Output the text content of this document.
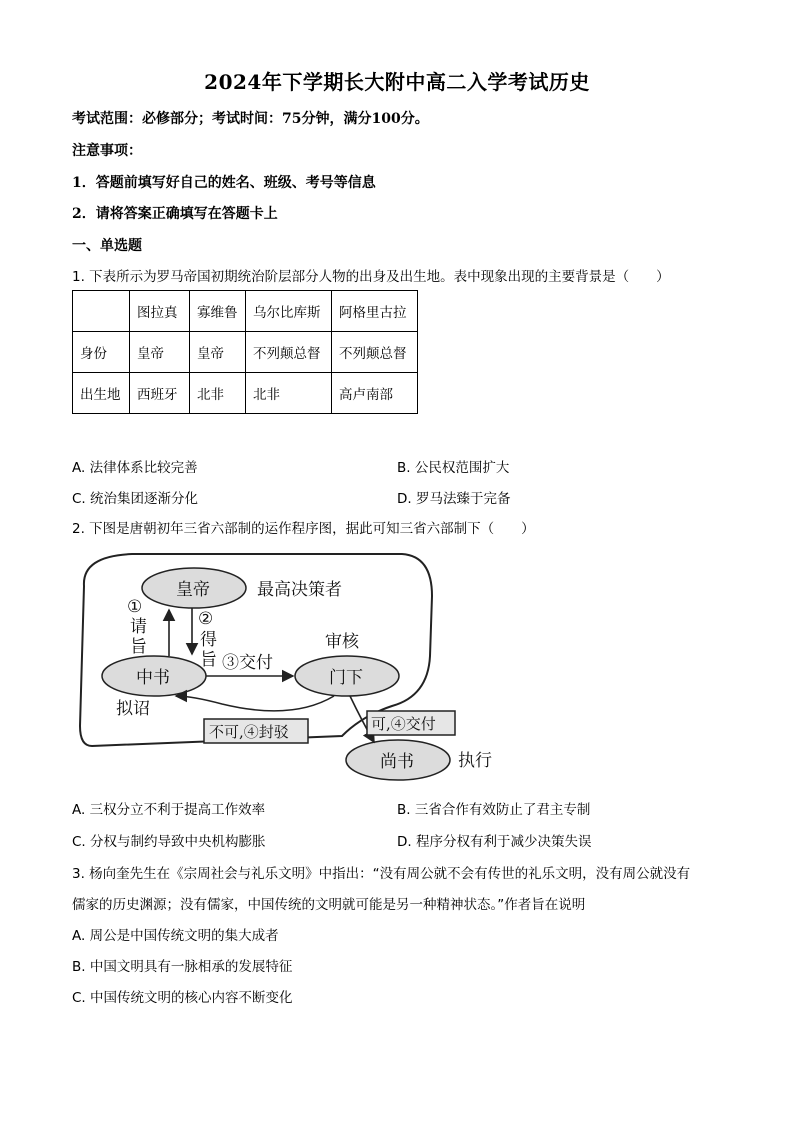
2024年下学期长大附中高二入学考试历史
考试范围：必修部分；考试时间：75分钟，满分100分。
注意事项：
1．答题前填写好自己的姓名、班级、考号等信息
2．请将答案正确填写在答题卡上
一、单选题
1. 下表所示为罗马帝国初期统治阶层部分人物的出身及出生地。表中现象出现的主要背景是（　　）
	图拉真	寡维鲁	乌尔比库斯	阿格里古拉
身份	皇帝	皇帝	不列颠总督	不列颠总督
出生地	西班牙	北非	北非	高卢南部
A. 法律体系比较完善	B. 公民权范围扩大
C. 统治集团逐渐分化	D. 罗马法臻于完备
2. 下图是唐朝初年三省六部制的运作程序图，据此可知三省六部制下（　　）
皇帝	最高决策者
①
请
旨
②
得
旨
中书
拟诏
③交付
审核
门下
不可,④封驳	可,④交付
尚书	执行
A. 三权分立不利于提高工作效率	B. 三省合作有效防止了君主专制
C. 分权与制约导致中央机构膨胀	D. 程序分权有利于减少决策失误
3. 杨向奎先生在《宗周社会与礼乐文明》中指出：“没有周公就不会有传世的礼乐文明，没有周公就没有
儒家的历史渊源；没有儒家，中国传统的文明就可能是另一种精神状态。”作者旨在说明
A. 周公是中国传统文明的集大成者
B. 中国文明具有一脉相承的发展特征
C. 中国传统文明的核心内容不断变化
